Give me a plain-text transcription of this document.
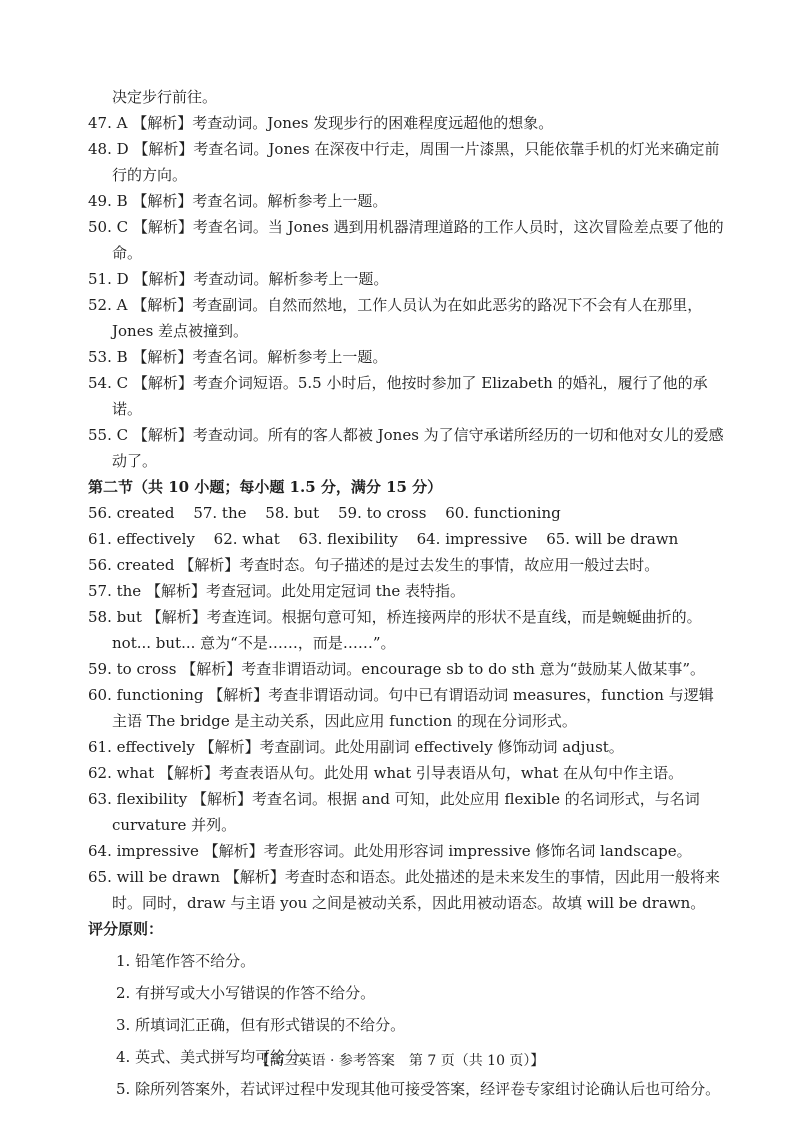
决定步行前往。

47. A 【解析】考查动词。Jones 发现步行的困难程度远超他的想象。

48. D 【解析】考查名词。Jones 在深夜中行走，周围一片漆黑，只能依靠手机的灯光来确定前行的方向。

49. B 【解析】考查名词。解析参考上一题。

50. C 【解析】考查名词。当 Jones 遇到用机器清理道路的工作人员时，这次冒险差点要了他的命。

51. D 【解析】考查动词。解析参考上一题。

52. A 【解析】考查副词。自然而然地，工作人员认为在如此恶劣的路况下不会有人在那里，Jones 差点被撞到。

53. B 【解析】考查名词。解析参考上一题。

54. C 【解析】考查介词短语。5.5 小时后，他按时参加了 Elizabeth 的婚礼，履行了他的承诺。

55. C 【解析】考查动词。所有的客人都被 Jones 为了信守承诺所经历的一切和他对女儿的爱感动了。

第二节（共 10 小题；每小题 1.5 分，满分 15 分）

56. created 57. the 58. but 59. to cross 60. functioning

61. effectively 62. what 63. flexibility 64. impressive 65. will be drawn

56. created 【解析】考查时态。句子描述的是过去发生的事情，故应用一般过去时。

57. the 【解析】考查冠词。此处用定冠词 the 表特指。

58. but 【解析】考查连词。根据句意可知，桥连接两岸的形状不是直线，而是蜿蜒曲折的。not... but... 意为“不是……，而是……”。

59. to cross 【解析】考查非谓语动词。encourage sb to do sth 意为“鼓励某人做某事”。

60. functioning 【解析】考查非谓语动词。句中已有谓语动词 measures，function 与逻辑主语 The bridge 是主动关系，因此应用 function 的现在分词形式。

61. effectively 【解析】考查副词。此处用副词 effectively 修饰动词 adjust。

62. what 【解析】考查表语从句。此处用 what 引导表语从句，what 在从句中作主语。

63. flexibility 【解析】考查名词。根据 and 可知，此处应用 flexible 的名词形式，与名词 curvature 并列。

64. impressive 【解析】考查形容词。此处用形容词 impressive 修饰名词 landscape。

65. will be drawn 【解析】考查时态和语态。此处描述的是未来发生的事情，因此用一般将来时。同时，draw 与主语 you 之间是被动关系，因此用被动语态。故填 will be drawn。

评分原则：

1. 铅笔作答不给分。

2. 有拼写或大小写错误的作答不给分。

3. 所填词汇正确，但有形式错误的不给分。

4. 英式、美式拼写均可给分。

5. 除所列答案外，若试评过程中发现其他可接受答案，经评卷专家组讨论确认后也可给分。

【高三英语 · 参考答案　第 7 页（共 10 页）】
